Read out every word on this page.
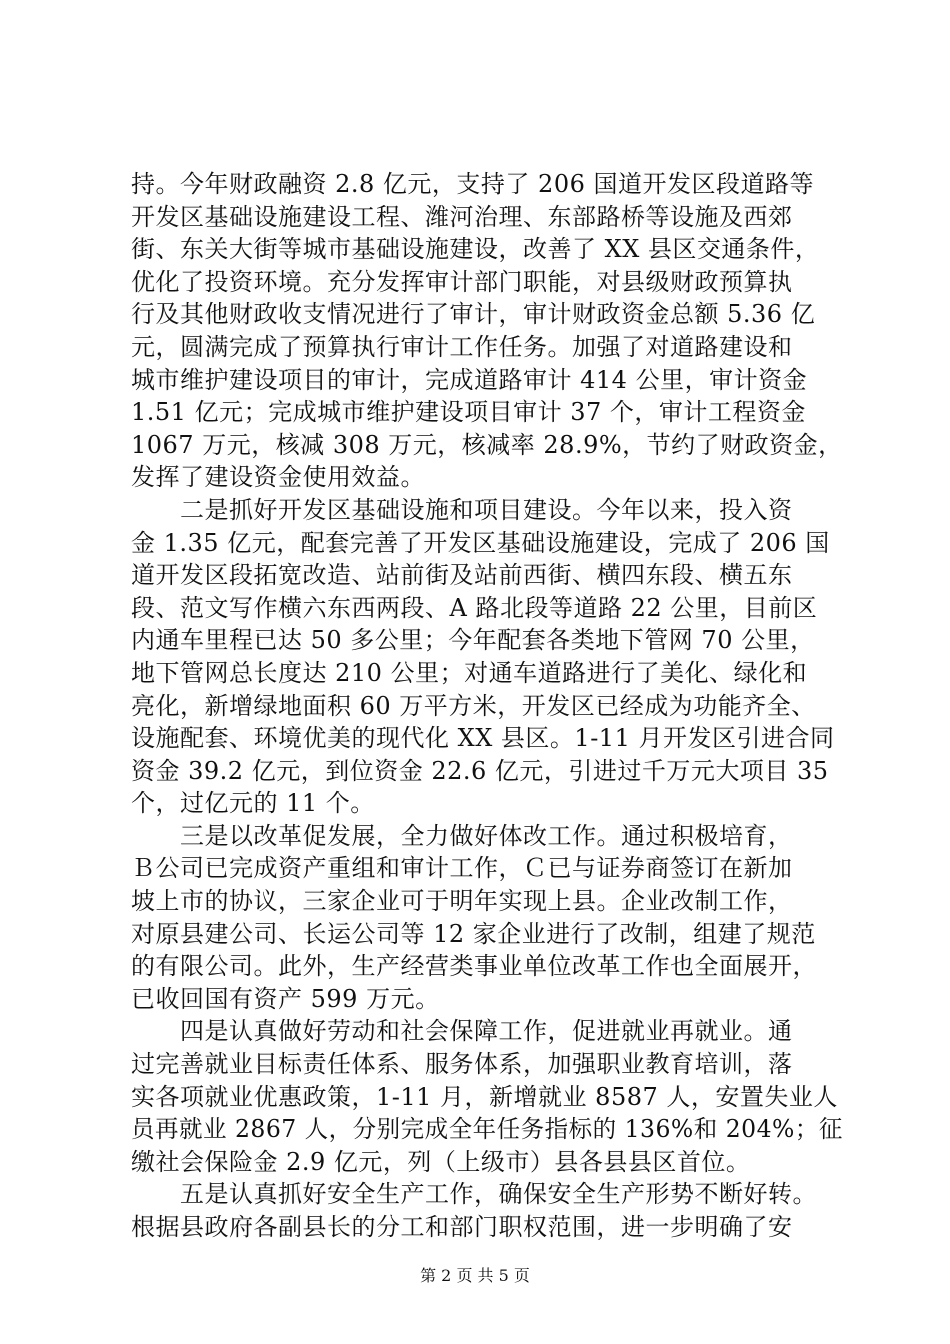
持。今年财政融资 2.8 亿元，支持了 206 国道开发区段道路等
开发区基础设施建设工程、潍河治理、东部路桥等设施及西郊
街、东关大街等城市基础设施建设，改善了 XX 县区交通条件，
优化了投资环境。充分发挥审计部门职能，对县级财政预算执
行及其他财政收支情况进行了审计，审计财政资金总额 5.36 亿
元，圆满完成了预算执行审计工作任务。加强了对道路建设和
城市维护建设项目的审计，完成道路审计 414 公里，审计资金
1.51 亿元；完成城市维护建设项目审计 37 个，审计工程资金
1067 万元，核减 308 万元，核减率 28.9%，节约了财政资金，
发挥了建设资金使用效益。
　　二是抓好开发区基础设施和项目建设。今年以来，投入资
金 1.35 亿元，配套完善了开发区基础设施建设，完成了 206 国
道开发区段拓宽改造、站前街及站前西街、横四东段、横五东
段、范文写作横六东西两段、A 路北段等道路 22 公里，目前区
内通车里程已达 50 多公里；今年配套各类地下管网 70 公里，
地下管网总长度达 210 公里；对通车道路进行了美化、绿化和
亮化，新增绿地面积 60 万平方米，开发区已经成为功能齐全、
设施配套、环境优美的现代化 XX 县区。1-11 月开发区引进合同
资金 39.2 亿元，到位资金 22.6 亿元，引进过千万元大项目 35
个，过亿元的 11 个。
　　三是以改革促发展，全力做好体改工作。通过积极培育，
Ｂ公司已完成资产重组和审计工作，Ｃ已与证券商签订在新加
坡上市的协议，三家企业可于明年实现上县。企业改制工作，
对原县建公司、长运公司等 12 家企业进行了改制，组建了规范
的有限公司。此外，生产经营类事业单位改革工作也全面展开，
已收回国有资产 599 万元。
　　四是认真做好劳动和社会保障工作，促进就业再就业。通
过完善就业目标责任体系、服务体系，加强职业教育培训，落
实各项就业优惠政策，1-11 月，新增就业 8587 人，安置失业人
员再就业 2867 人，分别完成全年任务指标的 136%和 204%；征
缴社会保险金 2.9 亿元，列（上级市）县各县县区首位。
　　五是认真抓好安全生产工作，确保安全生产形势不断好转。
根据县政府各副县长的分工和部门职权范围，进一步明确了安
第 2 页 共 5 页
